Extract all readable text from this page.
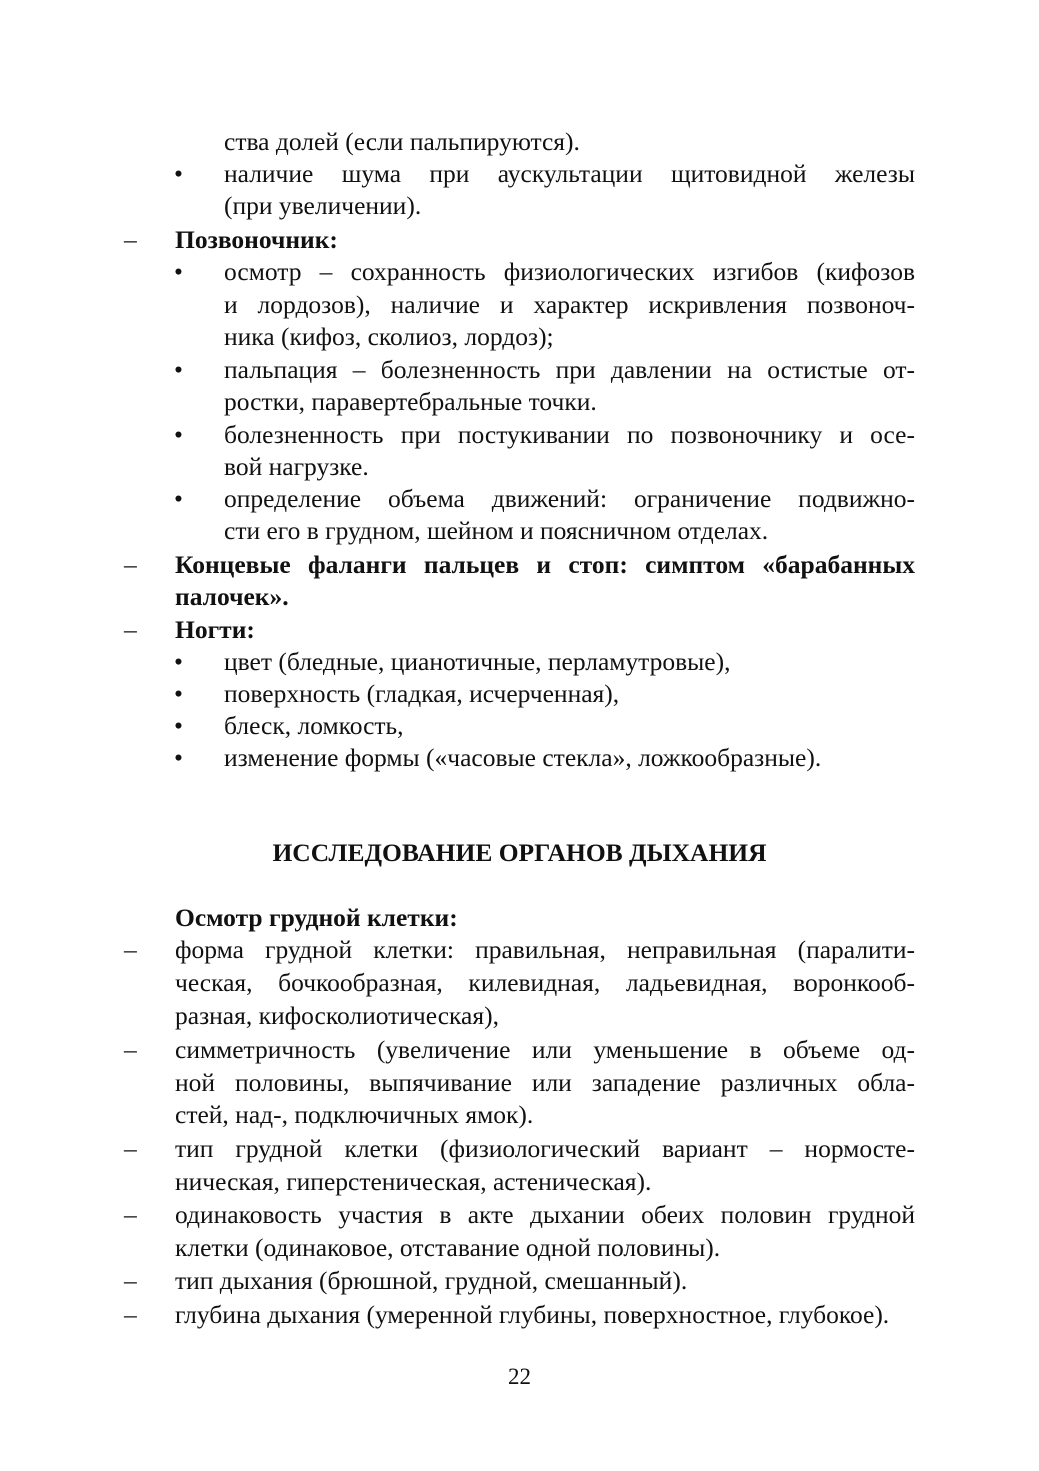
ства долей (если пальпируются).
• наличие шума при аускультации щитовидной железы
(при увеличении).
– Позвоночник:
• осмотр – сохранность физиологических изгибов (кифозов
и лордозов), наличие и характер искривления позвоноч-
ника (кифоз, сколиоз, лордоз);
• пальпация – болезненность при давлении на остистые от-
ростки, паравертебральные точки.
• болезненность при постукивании по позвоночнику и осе-
вой нагрузке.
• определение объема движений: ограничение подвижно-
сти его в грудном, шейном и поясничном отделах.
– Концевые фаланги пальцев и стоп: симптом «барабанных
палочек».
– Ногти:
• цвет (бледные, цианотичные, перламутровые),
• поверхность (гладкая, исчерченная),
• блеск, ломкость,
• изменение формы («часовые стекла», ложкообразные).
ИССЛЕДОВАНИЕ ОРГАНОВ ДЫХАНИЯ
Осмотр грудной клетки:
– форма грудной клетки: правильная, неправильная (паралити-
ческая, бочкообразная, килевидная, ладьевидная, воронкооб-
разная, кифосколиотическая),
– симметричность (увеличение или уменьшение в объеме од-
ной половины, выпячивание или западение различных обла-
стей, над-, подключичных ямок).
– тип грудной клетки (физиологический вариант – нормосте-
ническая, гиперстеническая, астеническая).
– одинаковость участия в акте дыхании обеих половин грудной
клетки (одинаковое, отставание одной половины).
– тип дыхания (брюшной, грудной, смешанный).
– глубина дыхания (умеренной глубины, поверхностное, глубокое).
22
